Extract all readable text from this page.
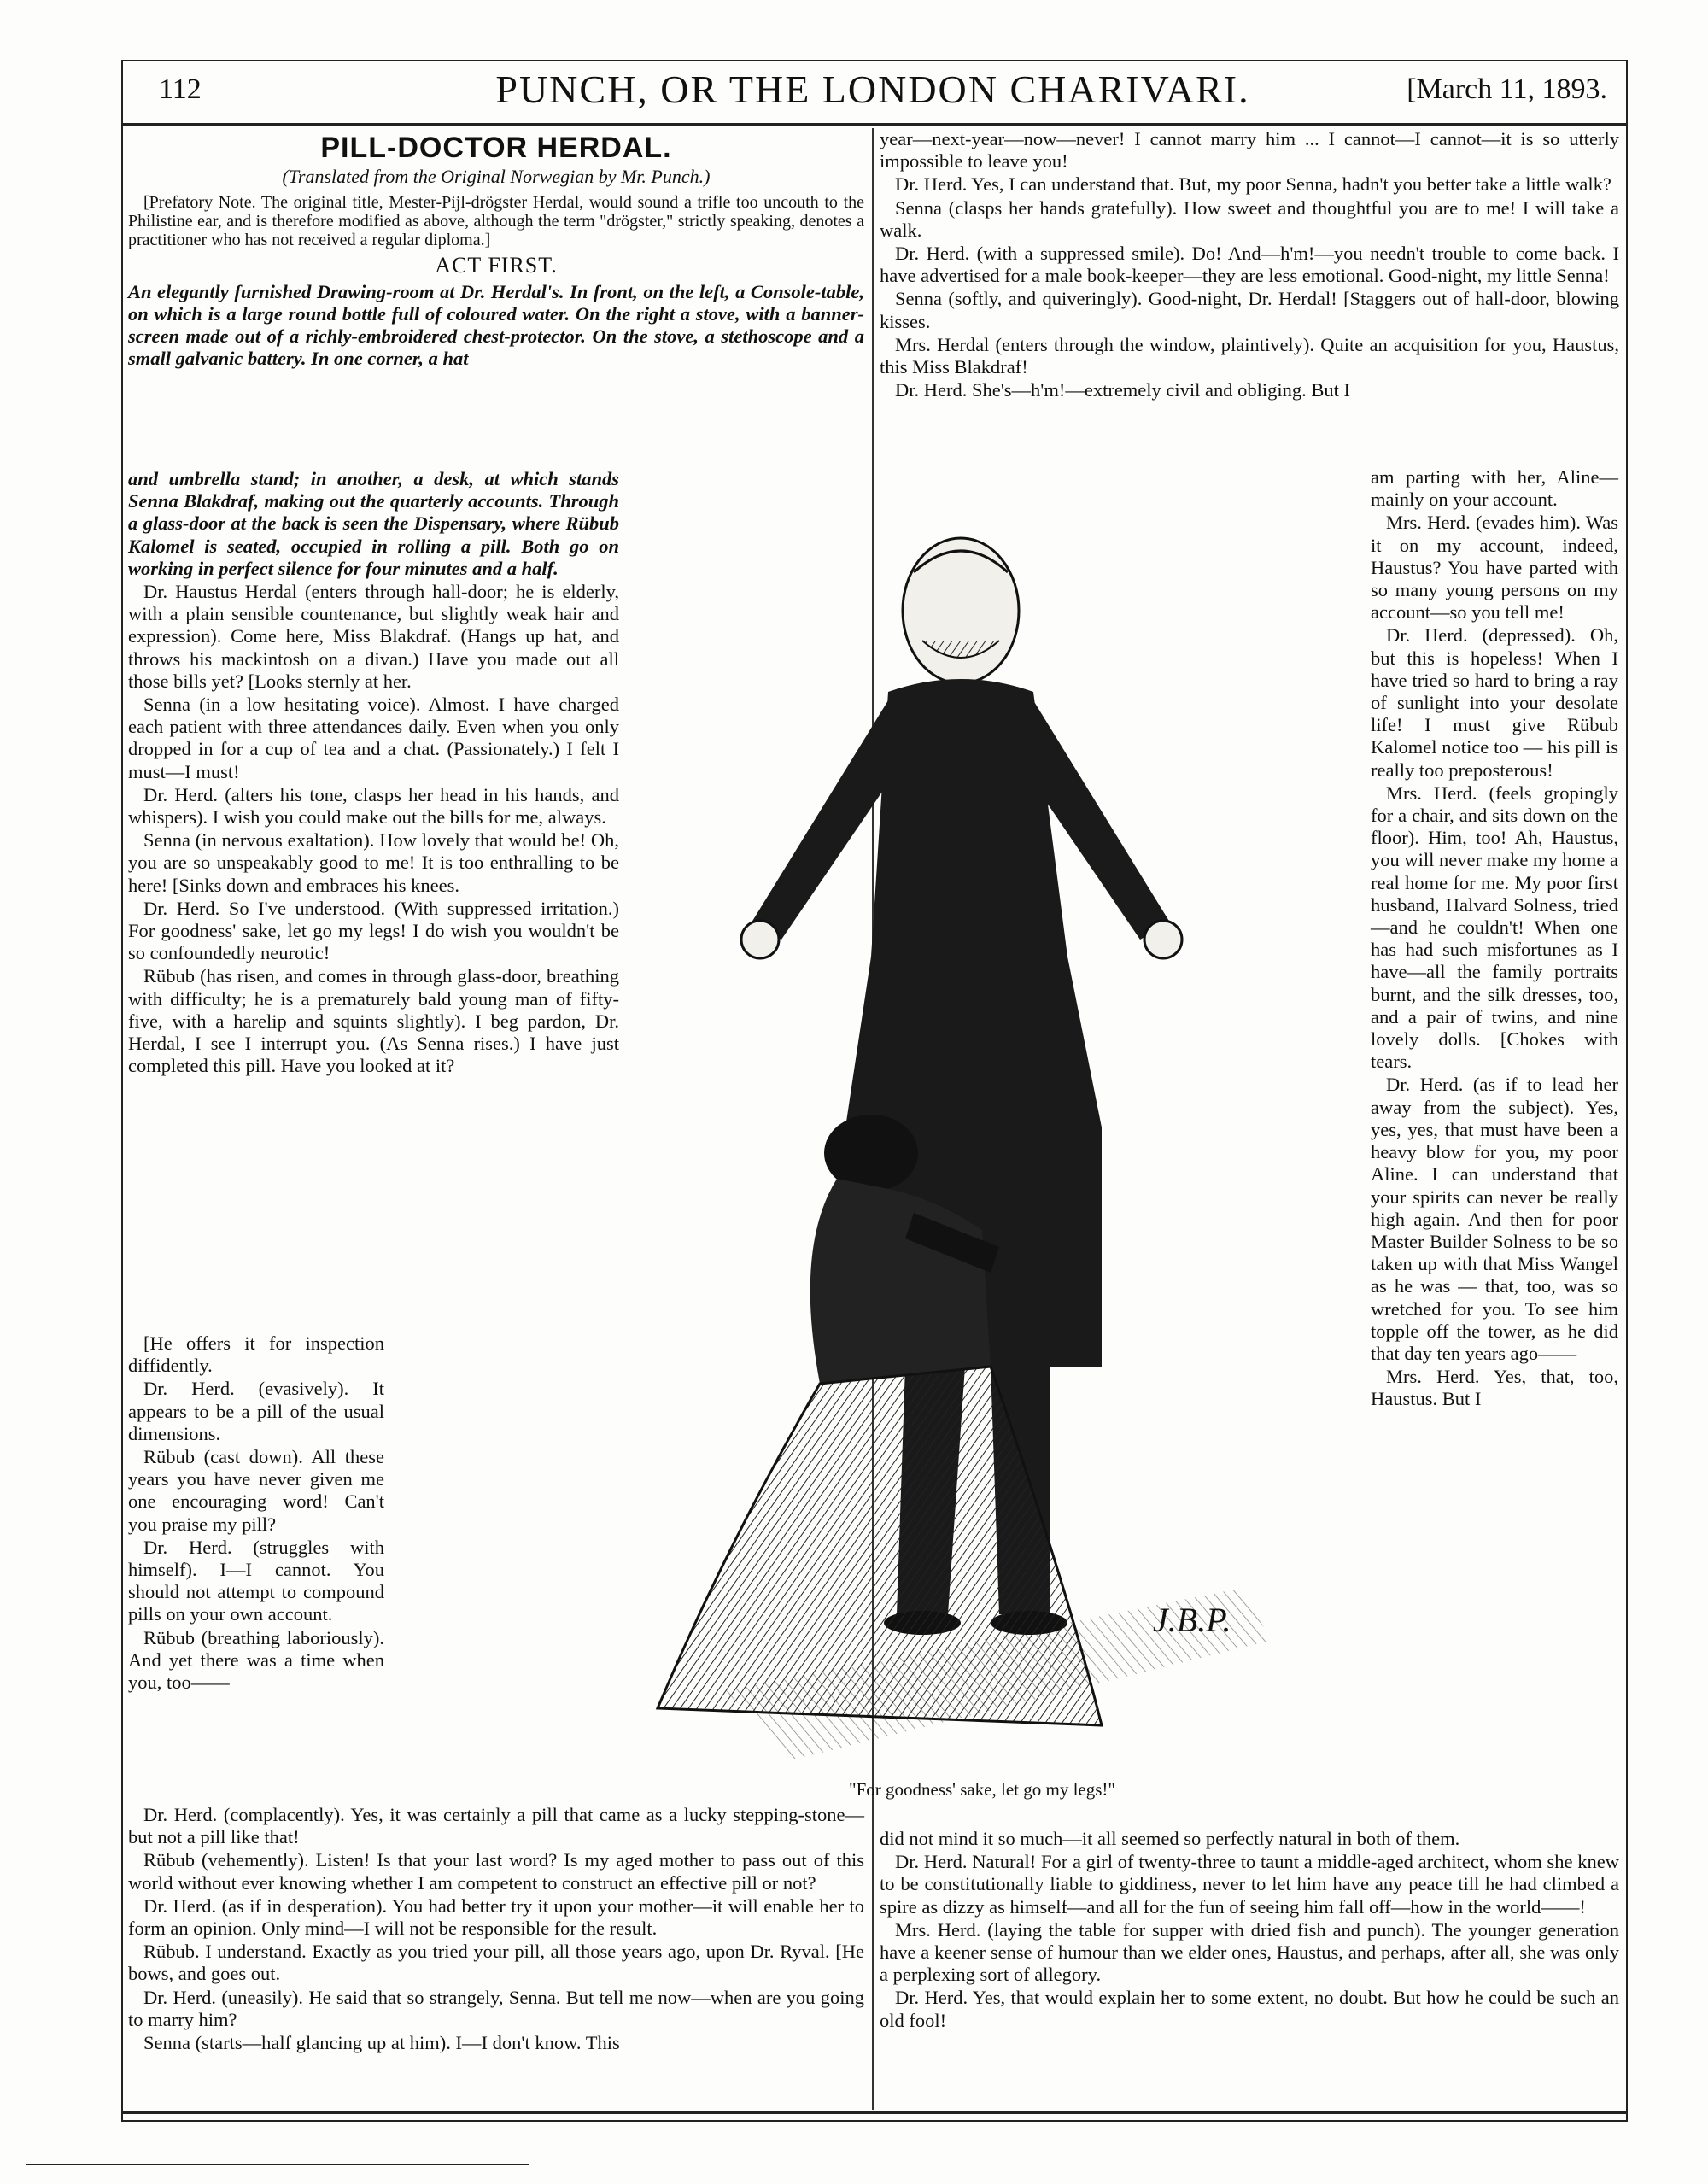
112	PUNCH, OR THE LONDON CHARIVARI.	[March 11, 1893.
PILL-DOCTOR HERDAL.
(Translated from the Original Norwegian by Mr. Punch.)

[Prefatory Note. The original title, Mester-Pijl-drögster Herdal, would sound a trifle too uncouth to the Philistine ear, and is therefore modified as above, although the term "drögster," strictly speaking, denotes a practitioner who has not received a regular diploma.]

ACT FIRST.

An elegantly furnished Drawing-room at Dr. Herdal's. In front, on the left, a Console-table, on which is a large round bottle full of coloured water. On the right a stove, with a banner-screen made out of a richly-embroidered chest-protector. On the stove, a stethoscope and a small galvanic battery. In one corner, a hat

and umbrella stand; in another, a desk, at which stands Senna Blakdraf, making out the quarterly accounts. Through a glass-door at the back is seen the Dispensary, where Rübub Kalomel is seated, occupied in rolling a pill. Both go on working in perfect silence for four minutes and a half.

Dr. Haustus Herdal (enters through hall-door; he is elderly, with a plain sensible countenance, but slightly weak hair and expression). Come here, Miss Blakdraf. (Hangs up hat, and throws his mackintosh on a divan.) Have you made out all those bills yet? [Looks sternly at her.

Senna (in a low hesitating voice). Almost. I have charged each patient with three attendances daily. Even when you only dropped in for a cup of tea and a chat. (Passionately.) I felt I must—I must!

Dr. Herd. (alters his tone, clasps her head in his hands, and whispers). I wish you could make out the bills for me, always.

Senna (in nervous exaltation). How lovely that would be! Oh, you are so unspeakably good to me! It is too enthralling to be here! [Sinks down and embraces his knees.

Dr. Herd. So I've understood. (With suppressed irritation.) For goodness' sake, let go my legs! I do wish you wouldn't be so confoundedly neurotic!

Rübub (has risen, and comes in through glass-door, breathing with difficulty; he is a prematurely bald young man of fifty-five, with a harelip and squints slightly). I beg pardon, Dr. Herdal, I see I interrupt you. (As Senna rises.) I have just completed this pill. Have you looked at it?

[He offers it for inspection diffidently.

Dr. Herd. (evasively). It appears to be a pill of the usual dimensions.

Rübub (cast down). All these years you have never given me one encouraging word! Can't you praise my pill?

Dr. Herd. (struggles with himself). I—I cannot. You should not attempt to compound pills on your own account.

Rübub (breathing laboriously). And yet there was a time when you, too——

Dr. Herd. (complacently). Yes, it was certainly a pill that came as a lucky stepping-stone—but not a pill like that!

Rübub (vehemently). Listen! Is that your last word? Is my aged mother to pass out of this world without ever knowing whether I am competent to construct an effective pill or not?

Dr. Herd. (as if in desperation). You had better try it upon your mother—it will enable her to form an opinion. Only mind—I will not be responsible for the result.

Rübub. I understand. Exactly as you tried your pill, all those years ago, upon Dr. Ryval. [He bows, and goes out.

Dr. Herd. (uneasily). He said that so strangely, Senna. But tell me now—when are you going to marry him?

Senna (starts—half glancing up at him). I—I don't know. This

year—next-year—now—never! I cannot marry him ... I cannot—I cannot—it is so utterly impossible to leave you!

Dr. Herd. Yes, I can understand that. But, my poor Senna, hadn't you better take a little walk?

Senna (clasps her hands gratefully). How sweet and thoughtful you are to me! I will take a walk.

Dr. Herd. (with a suppressed smile). Do! And—h'm!—you needn't trouble to come back. I have advertised for a male book-keeper—they are less emotional. Good-night, my little Senna!

Senna (softly, and quiveringly). Good-night, Dr. Herdal! [Staggers out of hall-door, blowing kisses.

Mrs. Herdal (enters through the window, plaintively). Quite an acquisition for you, Haustus, this Miss Blakdraf!

Dr. Herd. She's—h'm!—extremely civil and obliging. But I

am parting with her, Aline—mainly on your account.

Mrs. Herd. (evades him). Was it on my account, indeed, Haustus? You have parted with so many young persons on my account—so you tell me!

Dr. Herd. (depressed). Oh, but this is hopeless! When I have tried so hard to bring a ray of sunlight into your desolate life! I must give Rübub Kalomel notice too — his pill is really too preposterous!

Mrs. Herd. (feels gropingly for a chair, and sits down on the floor). Him, too! Ah, Haustus, you will never make my home a real home for me. My poor first husband, Halvard Solness, tried—and he couldn't! When one has had such misfortunes as I have—all the family portraits burnt, and the silk dresses, too, and a pair of twins, and nine lovely dolls. [Chokes with tears.

Dr. Herd. (as if to lead her away from the subject). Yes, yes, yes, that must have been a heavy blow for you, my poor Aline. I can understand that your spirits can never be really high again. And then for poor Master Builder Solness to be so taken up with that Miss Wangel as he was — that, too, was so wretched for you. To see him topple off the tower, as he did that day ten years ago——

Mrs. Herd. Yes, that, too, Haustus. But I

did not mind it so much—it all seemed so perfectly natural in both of them.

Dr. Herd. Natural! For a girl of twenty-three to taunt a middle-aged architect, whom she knew to be constitutionally liable to giddiness, never to let him have any peace till he had climbed a spire as dizzy as himself—and all for the fun of seeing him fall off—how in the world——!

Mrs. Herd. (laying the table for supper with dried fish and punch). The younger generation have a keener sense of humour than we elder ones, Haustus, and perhaps, after all, she was only a perplexing sort of allegory.

Dr. Herd. Yes, that would explain her to some extent, no doubt. But how he could be such an old fool!

J.B.P.
"For goodness' sake, let go my legs!"
